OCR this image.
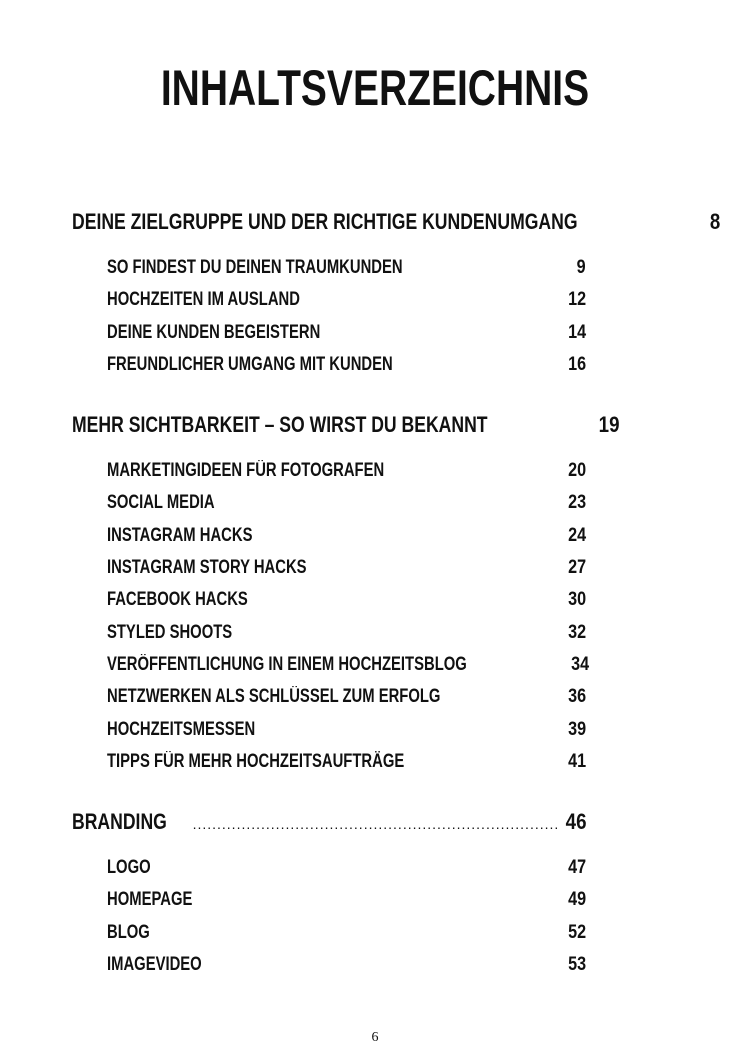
INHALTSVERZEICHNIS
DEINE ZIELGRUPPE UND DER RICHTIGE KUNDENUMGANG	8
SO FINDEST DU DEINEN TRAUMKUNDEN	9
HOCHZEITEN IM AUSLAND	12
DEINE KUNDEN BEGEISTERN	14
FREUNDLICHER UMGANG MIT KUNDEN	16
MEHR SICHTBARKEIT – SO WIRST DU BEKANNT	19
MARKETINGIDEEN FÜR FOTOGRAFEN	20
SOCIAL MEDIA	23
INSTAGRAM HACKS	24
INSTAGRAM STORY HACKS	27
FACEBOOK HACKS	30
STYLED SHOOTS	32
VERÖFFENTLICHUNG IN EINEM HOCHZEITSBLOG	34
NETZWERKEN ALS SCHLÜSSEL ZUM ERFOLG	36
HOCHZEITSMESSEN	39
TIPPS FÜR MEHR HOCHZEITSAUFTRÄGE	41
BRANDING .....	46
LOGO	47
HOMEPAGE	49
BLOG	52
IMAGEVIDEO	53
6
